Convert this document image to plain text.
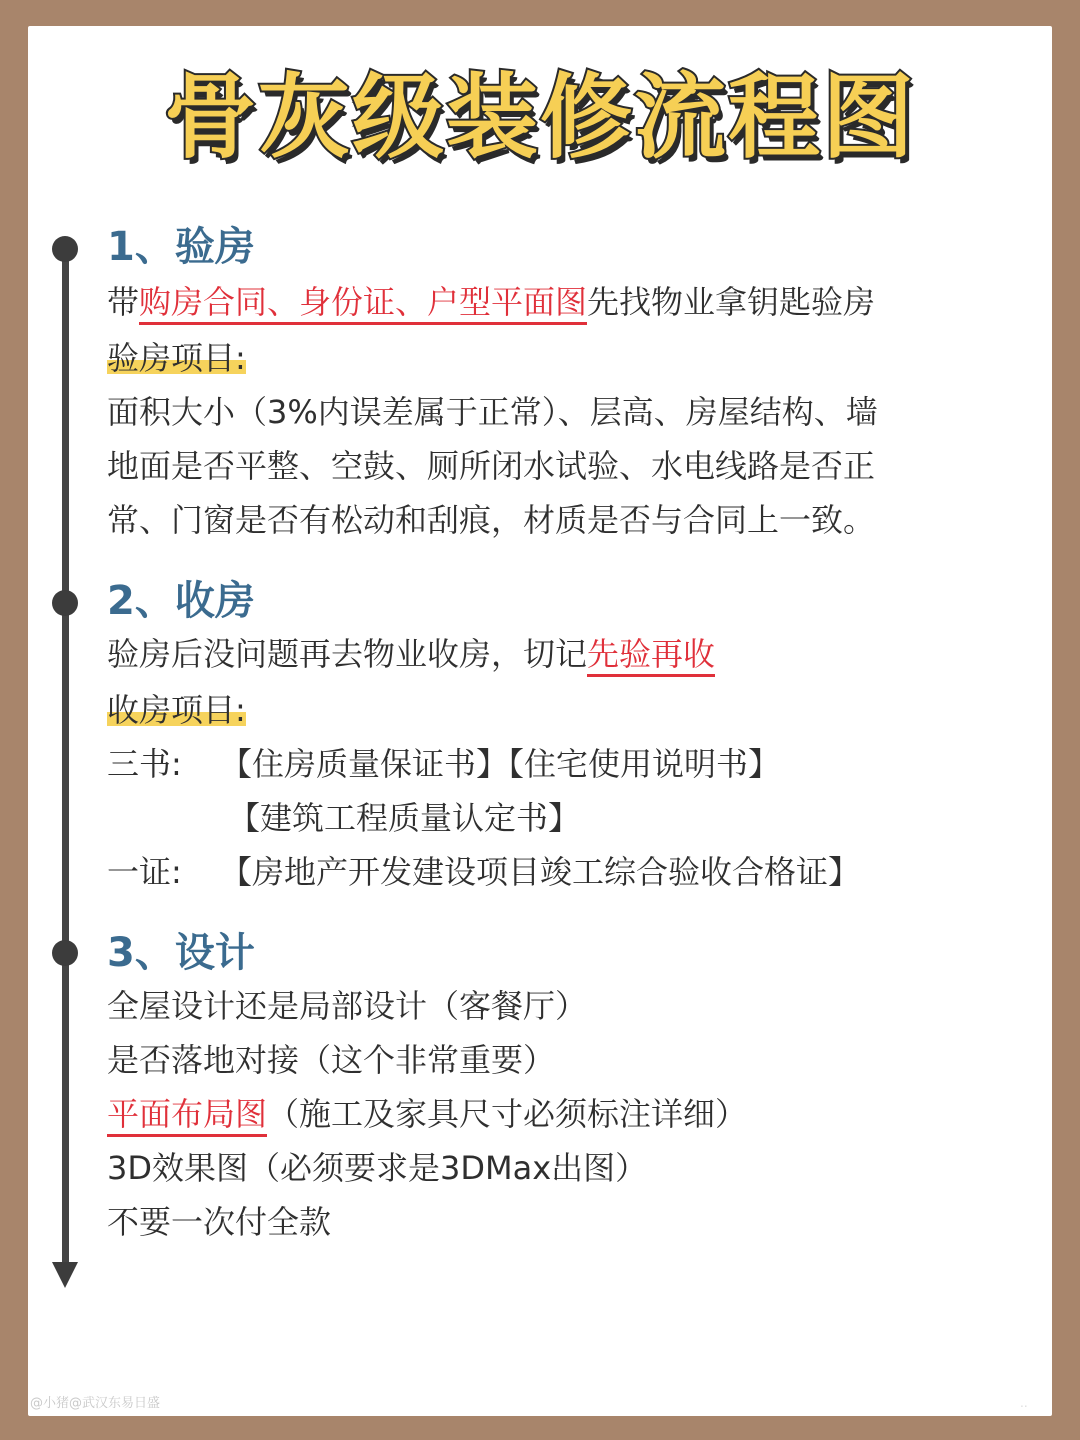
骨灰级装修流程图
1、验房
带购房合同、身份证、户型平面图先找物业拿钥匙验房
验房项目:
面积大小（3%内误差属于正常）、层高、房屋结构、墙
地面是否平整、空鼓、厕所闭水试验、水电线路是否正
常、门窗是否有松动和刮痕，材质是否与合同上一致。
2、收房
验房后没问题再去物业收房，切记先验再收
收房项目:
三书: 【住房质量保证书】【住宅使用说明书】
【建筑工程质量认定书】
一证: 【房地产开发建设项目竣工综合验收合格证】
3、设计
全屋设计还是局部设计（客餐厅）
是否落地对接（这个非常重要）
平面布局图（施工及家具尺寸必须标注详细）
3D效果图（必须要求是3DMax出图）
不要一次付全款
@小猪@武汉东易日盛	..
